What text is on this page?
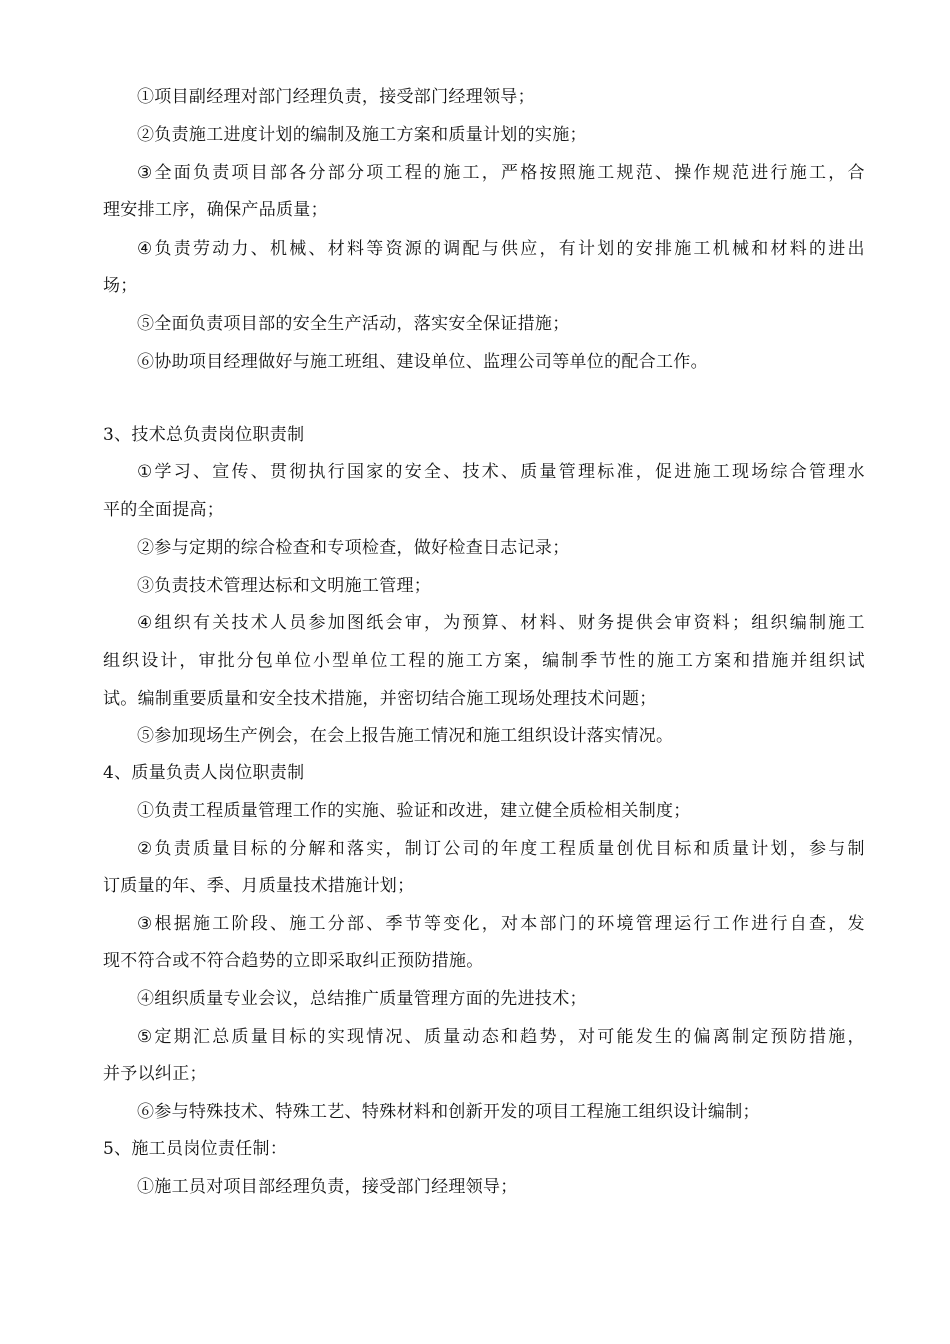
①项目副经理对部门经理负责，接受部门经理领导；
②负责施工进度计划的编制及施工方案和质量计划的实施；
③ 全 面 负 责 项 目 部 各 分 部 分 项 工 程 的 施 工 ， 严 格 按 照 施 工 规 范 、 操 作 规 范 进 行 施 工 ， 合
理安排工序，确保产品质量；
④ 负 责 劳 动 力 、 机 械 、 材 料 等 资 源 的 调 配 与 供 应 ， 有 计 划 的 安 排 施 工 机 械 和 材 料 的 进 出
场；
⑤全面负责项目部的安全生产活动，落实安全保证措施；
⑥协助项目经理做好与施工班组、建设单位、监理公司等单位的配合工作。
3、技术总负责岗位职责制
① 学 习 、 宣 传 、 贯 彻 执 行 国 家 的 安 全 、 技 术 、 质 量 管 理 标 准 ， 促 进 施 工 现 场 综 合 管 理 水
平的全面提高；
②参与定期的综合检查和专项检查，做好检查日志记录；
③负责技术管理达标和文明施工管理；
④ 组 织 有 关 技 术 人 员 参 加 图 纸 会 审 ， 为 预 算 、 材 料 、 财 务 提 供 会 审 资 料 ； 组 织 编 制 施 工
组 织 设 计 ， 审 批 分 包 单 位 小 型 单 位 工 程 的 施 工 方 案 ， 编 制 季 节 性 的 施 工 方 案 和 措 施 并 组 织 试
试。编制重要质量和安全技术措施，并密切结合施工现场处理技术问题；
⑤参加现场生产例会，在会上报告施工情况和施工组织设计落实情况。
4、质量负责人岗位职责制
①负责工程质量管理工作的实施、验证和改进，建立健全质检相关制度；
② 负 责 质 量 目 标 的 分 解 和 落 实 ， 制 订 公 司 的 年 度 工 程 质 量 创 优 目 标 和 质 量 计 划 ， 参 与 制
订质量的年、季、月质量技术措施计划；
③ 根 据 施 工 阶 段 、 施 工 分 部 、 季 节 等 变 化 ， 对 本 部 门 的 环 境 管 理 运 行 工 作 进 行 自 查 ， 发
现不符合或不符合趋势的立即采取纠正预防措施。
④组织质量专业会议，总结推广质量管理方面的先进技术；
⑤ 定 期 汇 总 质 量 目 标 的 实 现 情 况 、 质 量 动 态 和 趋 势 ， 对 可 能 发 生 的 偏 离 制 定 预 防 措 施 ，
并予以纠正；
⑥参与特殊技术、特殊工艺、特殊材料和创新开发的项目工程施工组织设计编制；
5、施工员岗位责任制：
①施工员对项目部经理负责，接受部门经理领导；
